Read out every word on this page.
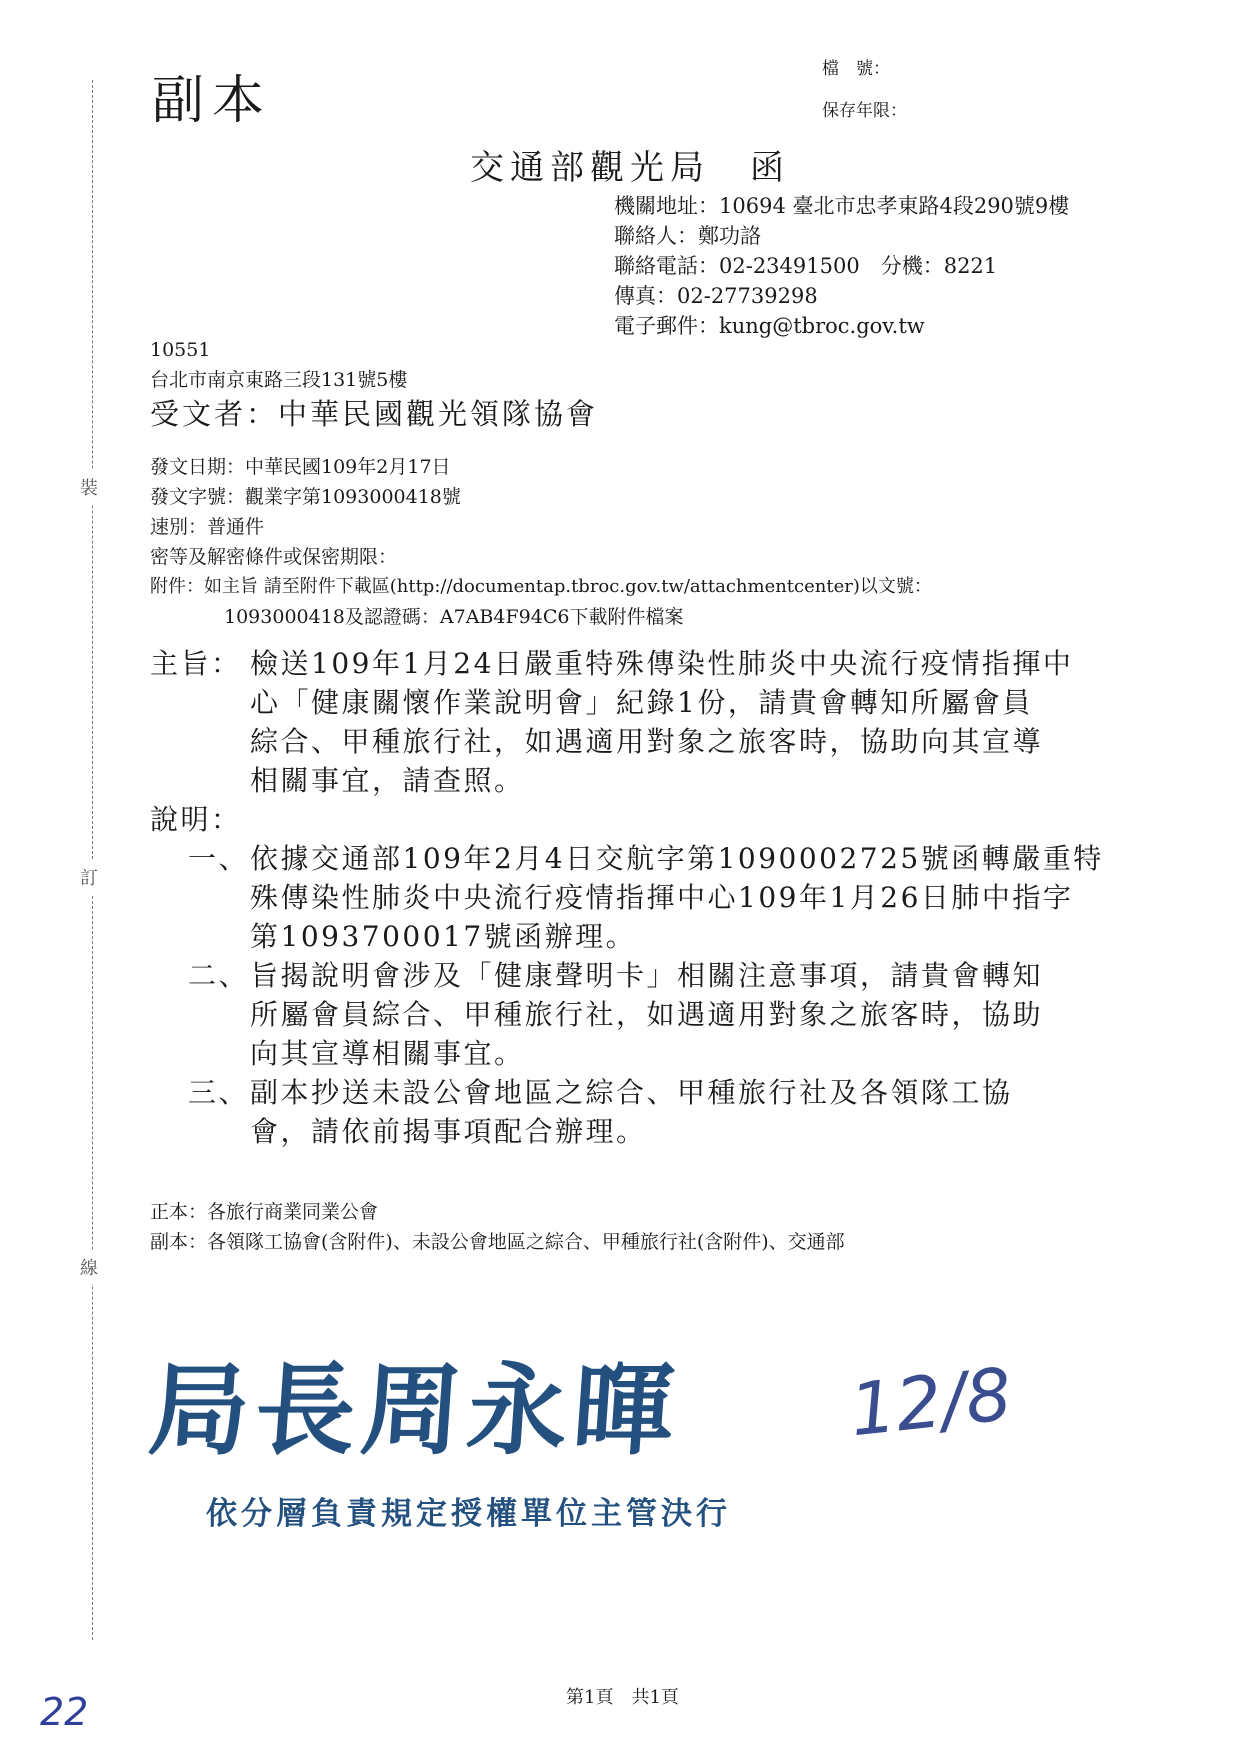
裝
訂
線
副本
檔　號：
保存年限：
交通部觀光局　函
機關地址：10694 臺北市忠孝東路4段290號9樓
聯絡人：鄭功詻
聯絡電話：02-23491500　分機：8221
傳真：02-27739298
電子郵件：kung@tbroc.gov.tw
10551
台北市南京東路三段131號5樓
受文者：中華民國觀光領隊協會
發文日期：中華民國109年2月17日
發文字號：觀業字第1093000418號
速別：普通件
密等及解密條件或保密期限：
附件：如主旨 請至附件下載區(http://documentap.tbroc.gov.tw/attachmentcenter)以文號：
1093000418及認證碼：A7AB4F94C6下載附件檔案
主旨： 檢送109年1月24日嚴重特殊傳染性肺炎中央流行疫情指揮中
心「健康關懷作業說明會」紀錄1份，請貴會轉知所屬會員
綜合、甲種旅行社，如遇適用對象之旅客時，協助向其宣導
相關事宜，請查照。
說明：
一、 依據交通部109年2月4日交航字第1090002725號函轉嚴重特
殊傳染性肺炎中央流行疫情指揮中心109年1月26日肺中指字
第1093700017號函辦理。
二、 旨揭說明會涉及「健康聲明卡」相關注意事項，請貴會轉知
所屬會員綜合、甲種旅行社，如遇適用對象之旅客時，協助
向其宣導相關事宜。
三、 副本抄送未設公會地區之綜合、甲種旅行社及各領隊工協
會，請依前揭事項配合辦理。
正本：各旅行商業同業公會
副本：各領隊工協會(含附件)、未設公會地區之綜合、甲種旅行社(含附件)、交通部
局長周永暉
依分層負責規定授權單位主管決行
12/8
第1頁　共1頁
22
